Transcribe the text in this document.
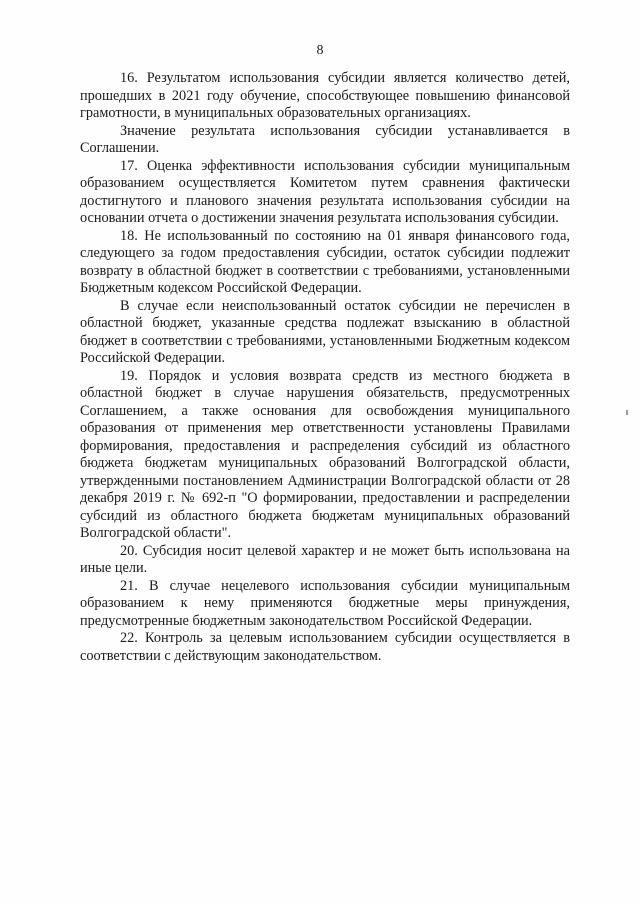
8

16. Результатом использования субсидии является количество детей, прошедших в 2021 году обучение, способствующее повышению финансовой грамотности, в муниципальных образовательных организациях.

Значение результата использования субсидии устанавливается в Соглашении.

17. Оценка эффективности использования субсидии муниципальным образованием осуществляется Комитетом путем сравнения фактически достигнутого и планового значения результата использования субсидии на основании отчета о достижении значения результата использования субсидии.

18. Не использованный по состоянию на 01 января финансового года, следующего за годом предоставления субсидии, остаток субсидии подлежит возврату в областной бюджет в соответствии с требованиями, установленными Бюджетным кодексом Российской Федерации.

В случае если неиспользованный остаток субсидии не перечислен в областной бюджет, указанные средства подлежат взысканию в областной бюджет в соответствии с требованиями, установленными Бюджетным кодексом Российской Федерации.

19. Порядок и условия возврата средств из местного бюджета в областной бюджет в случае нарушения обязательств, предусмотренных Соглашением, а также основания для освобождения муниципального образования от применения мер ответственности установлены Правилами формирования, предоставления и распределения субсидий из областного бюджета бюджетам муниципальных образований Волгоградской области, утвержденными постановлением Администрации Волгоградской области от 28 декабря 2019 г. № 692-п "О формировании, предоставлении и распределении субсидий из областного бюджета бюджетам муниципальных образований Волгоградской области".

20. Субсидия носит целевой характер и не может быть использована на иные цели.

21. В случае нецелевого использования субсидии муниципальным образованием к нему применяются бюджетные меры принуждения, предусмотренные бюджетным законодательством Российской Федерации.

22. Контроль за целевым использованием субсидии осуществляется в соответствии с действующим законодательством.
